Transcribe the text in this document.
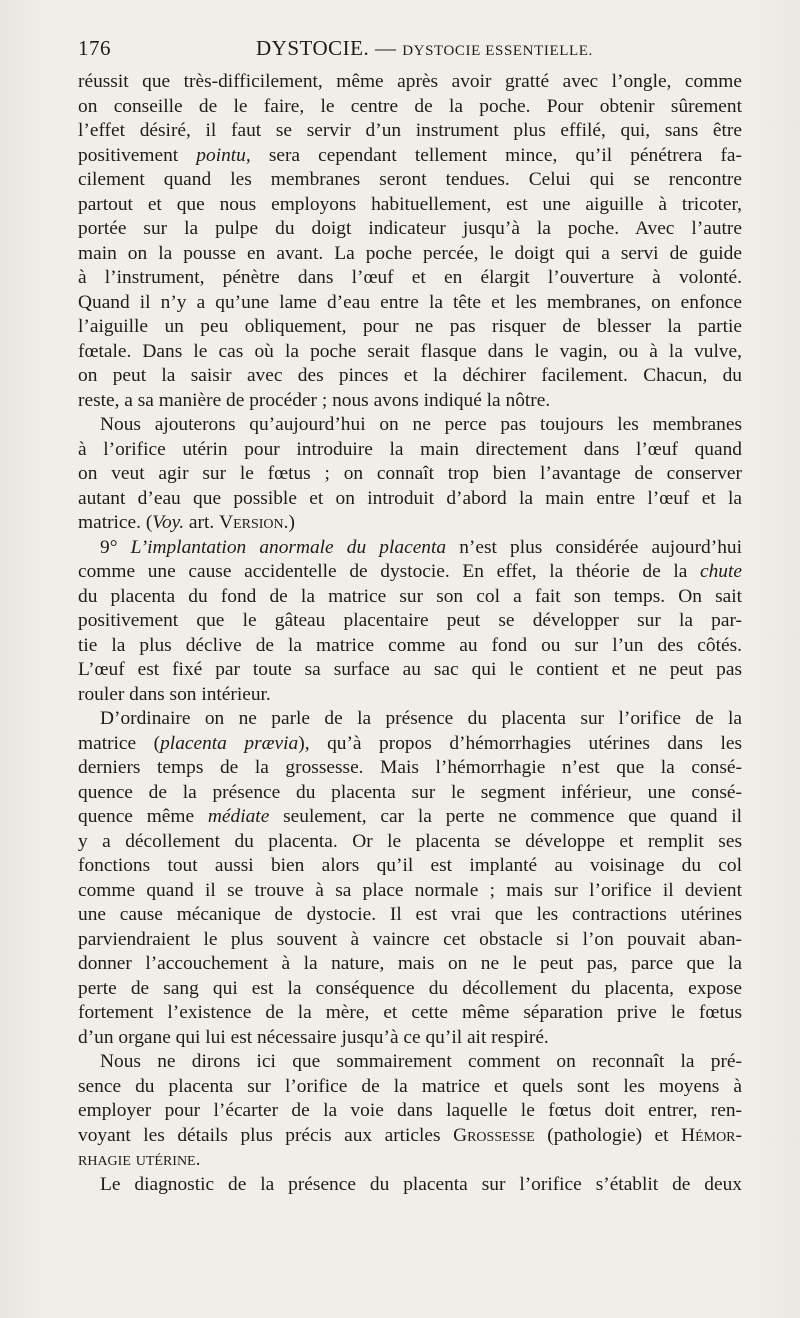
176	DYSTOCIE. — DYSTOCIE ESSENTIELLE.
réussit que très-difficilement, même après avoir gratté avec l’ongle, comme
on conseille de le faire, le centre de la poche. Pour obtenir sûrement
l’effet désiré, il faut se servir d’un instrument plus effilé, qui, sans être
positivement pointu, sera cependant tellement mince, qu’il pénétrera fa-
cilement quand les membranes seront tendues. Celui qui se rencontre
partout et que nous employons habituellement, est une aiguille à tricoter,
portée sur la pulpe du doigt indicateur jusqu’à la poche. Avec l’autre
main on la pousse en avant. La poche percée, le doigt qui a servi de guide
à l’instrument, pénètre dans l’œuf et en élargit l’ouverture à volonté.
Quand il n’y a qu’une lame d’eau entre la tête et les membranes, on enfonce
l’aiguille un peu obliquement, pour ne pas risquer de blesser la partie
fœtale. Dans le cas où la poche serait flasque dans le vagin, ou à la vulve,
on peut la saisir avec des pinces et la déchirer facilement. Chacun, du
reste, a sa manière de procéder ; nous avons indiqué la nôtre.
Nous ajouterons qu’aujourd’hui on ne perce pas toujours les membranes
à l’orifice utérin pour introduire la main directement dans l’œuf quand
on veut agir sur le fœtus ; on connaît trop bien l’avantage de conserver
autant d’eau que possible et on introduit d’abord la main entre l’œuf et la
matrice. (Voy. art. Version.)
9° L’implantation anormale du placenta n’est plus considérée aujourd’hui
comme une cause accidentelle de dystocie. En effet, la théorie de la chute
du placenta du fond de la matrice sur son col a fait son temps. On sait
positivement que le gâteau placentaire peut se développer sur la par-
tie la plus déclive de la matrice comme au fond ou sur l’un des côtés.
L’œuf est fixé par toute sa surface au sac qui le contient et ne peut pas
rouler dans son intérieur.
D’ordinaire on ne parle de la présence du placenta sur l’orifice de la
matrice (placenta prævia), qu’à propos d’hémorrhagies utérines dans les
derniers temps de la grossesse. Mais l’hémorrhagie n’est que la consé-
quence de la présence du placenta sur le segment inférieur, une consé-
quence même médiate seulement, car la perte ne commence que quand il
y a décollement du placenta. Or le placenta se développe et remplit ses
fonctions tout aussi bien alors qu’il est implanté au voisinage du col
comme quand il se trouve à sa place normale ; mais sur l’orifice il devient
une cause mécanique de dystocie. Il est vrai que les contractions utérines
parviendraient le plus souvent à vaincre cet obstacle si l’on pouvait aban-
donner l’accouchement à la nature, mais on ne le peut pas, parce que la
perte de sang qui est la conséquence du décollement du placenta, expose
fortement l’existence de la mère, et cette même séparation prive le fœtus
d’un organe qui lui est nécessaire jusqu’à ce qu’il ait respiré.
Nous ne dirons ici que sommairement comment on reconnaît la pré-
sence du placenta sur l’orifice de la matrice et quels sont les moyens à
employer pour l’écarter de la voie dans laquelle le fœtus doit entrer, ren-
voyant les détails plus précis aux articles Grossesse (pathologie) et Hémor-
rhagie utérine.
Le diagnostic de la présence du placenta sur l’orifice s’établit de deux
